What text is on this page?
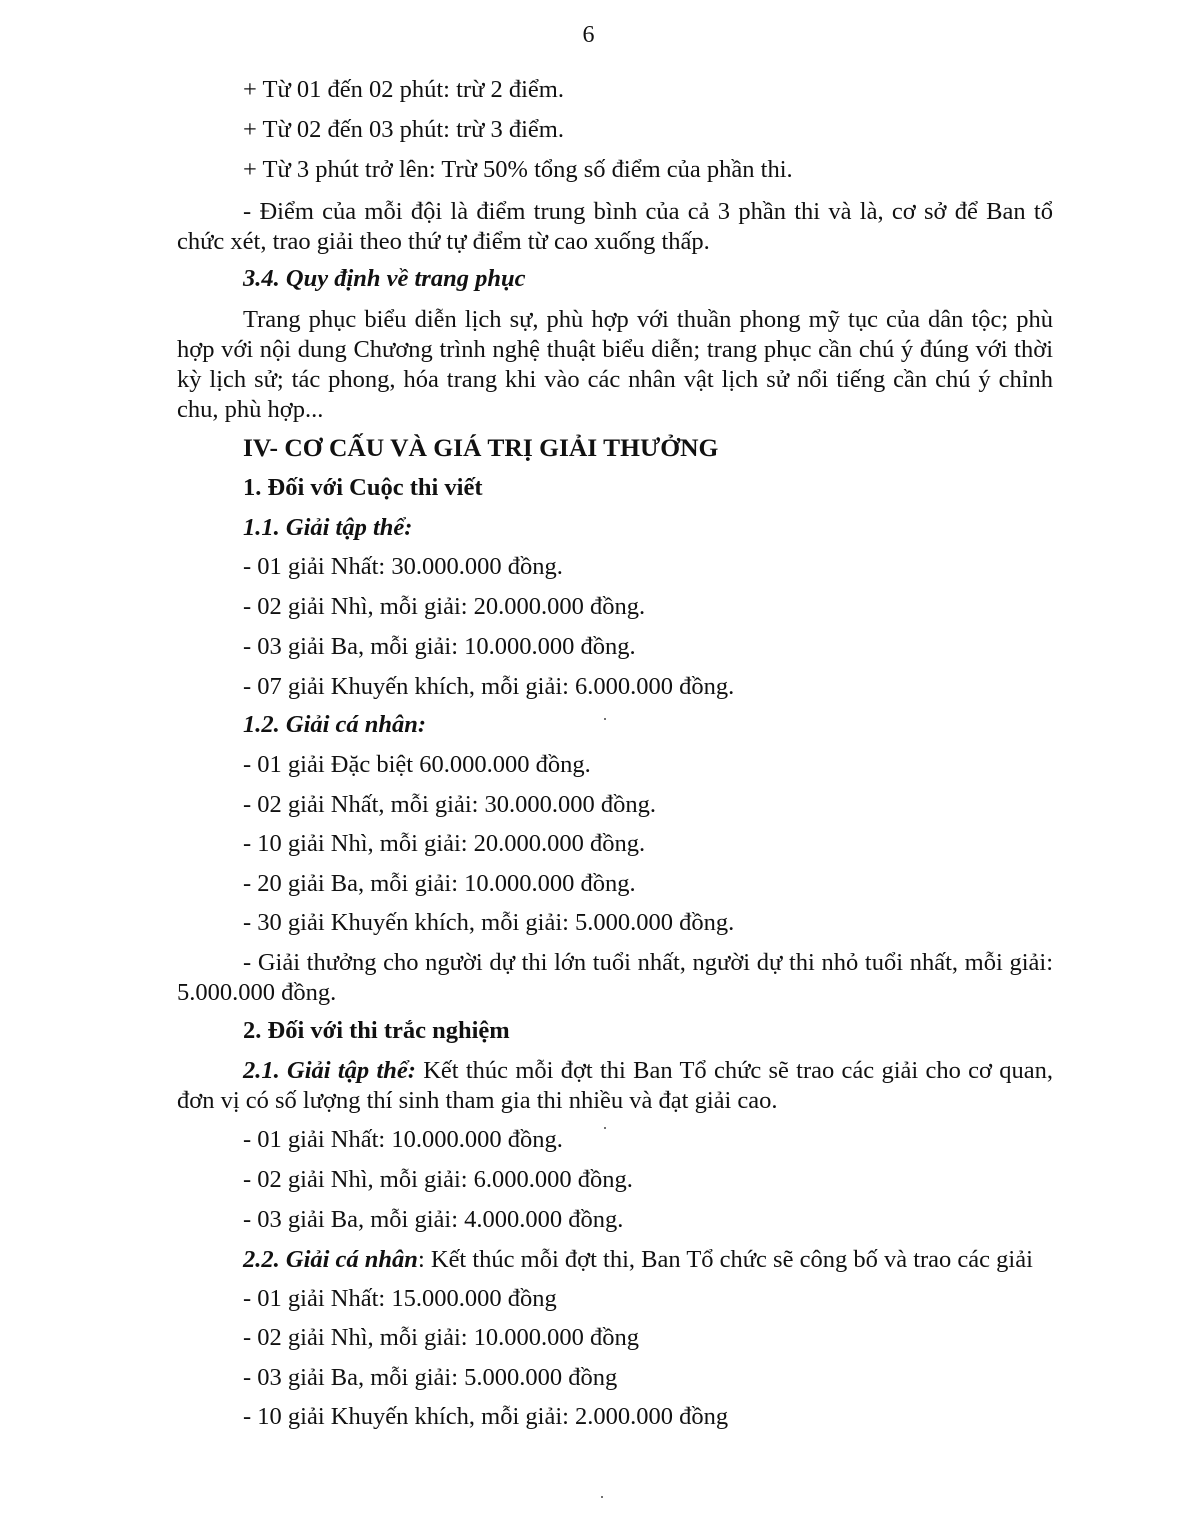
6
+ Từ 01 đến 02 phút: trừ 2 điểm.
+ Từ 02 đến 03 phút: trừ 3 điểm.
+ Từ 3 phút trở lên: Trừ 50% tổng số điểm của phần thi.
- Điểm của mỗi đội là điểm trung bình của cả 3 phần thi và là, cơ sở để Ban tổ chức xét, trao giải theo thứ tự điểm từ cao xuống thấp.
3.4. Quy định về trang phục
Trang phục biểu diễn lịch sự, phù hợp với thuần phong mỹ tục của dân tộc; phù hợp với nội dung Chương trình nghệ thuật biểu diễn; trang phục cần chú ý đúng với thời kỳ lịch sử; tác phong, hóa trang khi vào các nhân vật lịch sử nổi tiếng cần chú ý chỉnh chu, phù hợp...
IV- CƠ CẤU VÀ GIÁ TRỊ GIẢI THƯỞNG
1. Đối với Cuộc thi viết
1.1. Giải tập thể:
- 01 giải Nhất: 30.000.000 đồng.
- 02 giải Nhì, mỗi giải: 20.000.000 đồng.
- 03 giải Ba, mỗi giải: 10.000.000 đồng.
- 07 giải Khuyến khích, mỗi giải: 6.000.000 đồng.
1.2. Giải cá nhân:
- 01 giải Đặc biệt 60.000.000 đồng.
- 02 giải Nhất, mỗi giải: 30.000.000 đồng.
- 10 giải Nhì, mỗi giải: 20.000.000 đồng.
- 20 giải Ba, mỗi giải: 10.000.000 đồng.
- 30 giải Khuyến khích, mỗi giải: 5.000.000 đồng.
- Giải thưởng cho người dự thi lớn tuổi nhất, người dự thi nhỏ tuổi nhất, mỗi giải: 5.000.000 đồng.
2. Đối với thi trắc nghiệm
2.1. Giải tập thể: Kết thúc mỗi đợt thi Ban Tổ chức sẽ trao các giải cho cơ quan, đơn vị có số lượng thí sinh tham gia thi nhiều và đạt giải cao.
- 01 giải Nhất: 10.000.000 đồng.
- 02 giải Nhì, mỗi giải: 6.000.000 đồng.
- 03 giải Ba, mỗi giải: 4.000.000 đồng.
2.2. Giải cá nhân: Kết thúc mỗi đợt thi, Ban Tổ chức sẽ công bố và trao các giải
- 01 giải Nhất: 15.000.000 đồng
- 02 giải Nhì, mỗi giải: 10.000.000 đồng
- 03 giải Ba, mỗi giải: 5.000.000 đồng
- 10 giải Khuyến khích, mỗi giải: 2.000.000 đồng
